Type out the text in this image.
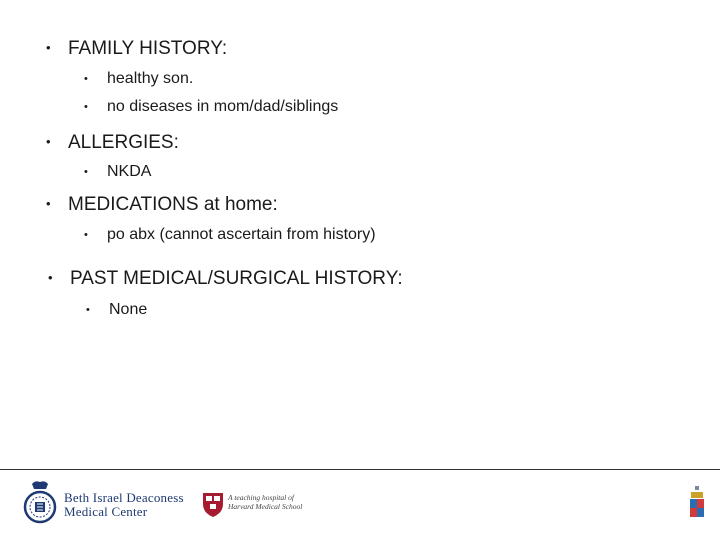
• FAMILY HISTORY:
• healthy son.
• no diseases in mom/dad/siblings
• ALLERGIES:
• NKDA
• MEDICATIONS at home:
• po abx (cannot ascertain from history)
• PAST MEDICAL/SURGICAL HISTORY:
• None
Beth Israel Deaconess
Medical Center
A teaching hospital of
Harvard Medical School
